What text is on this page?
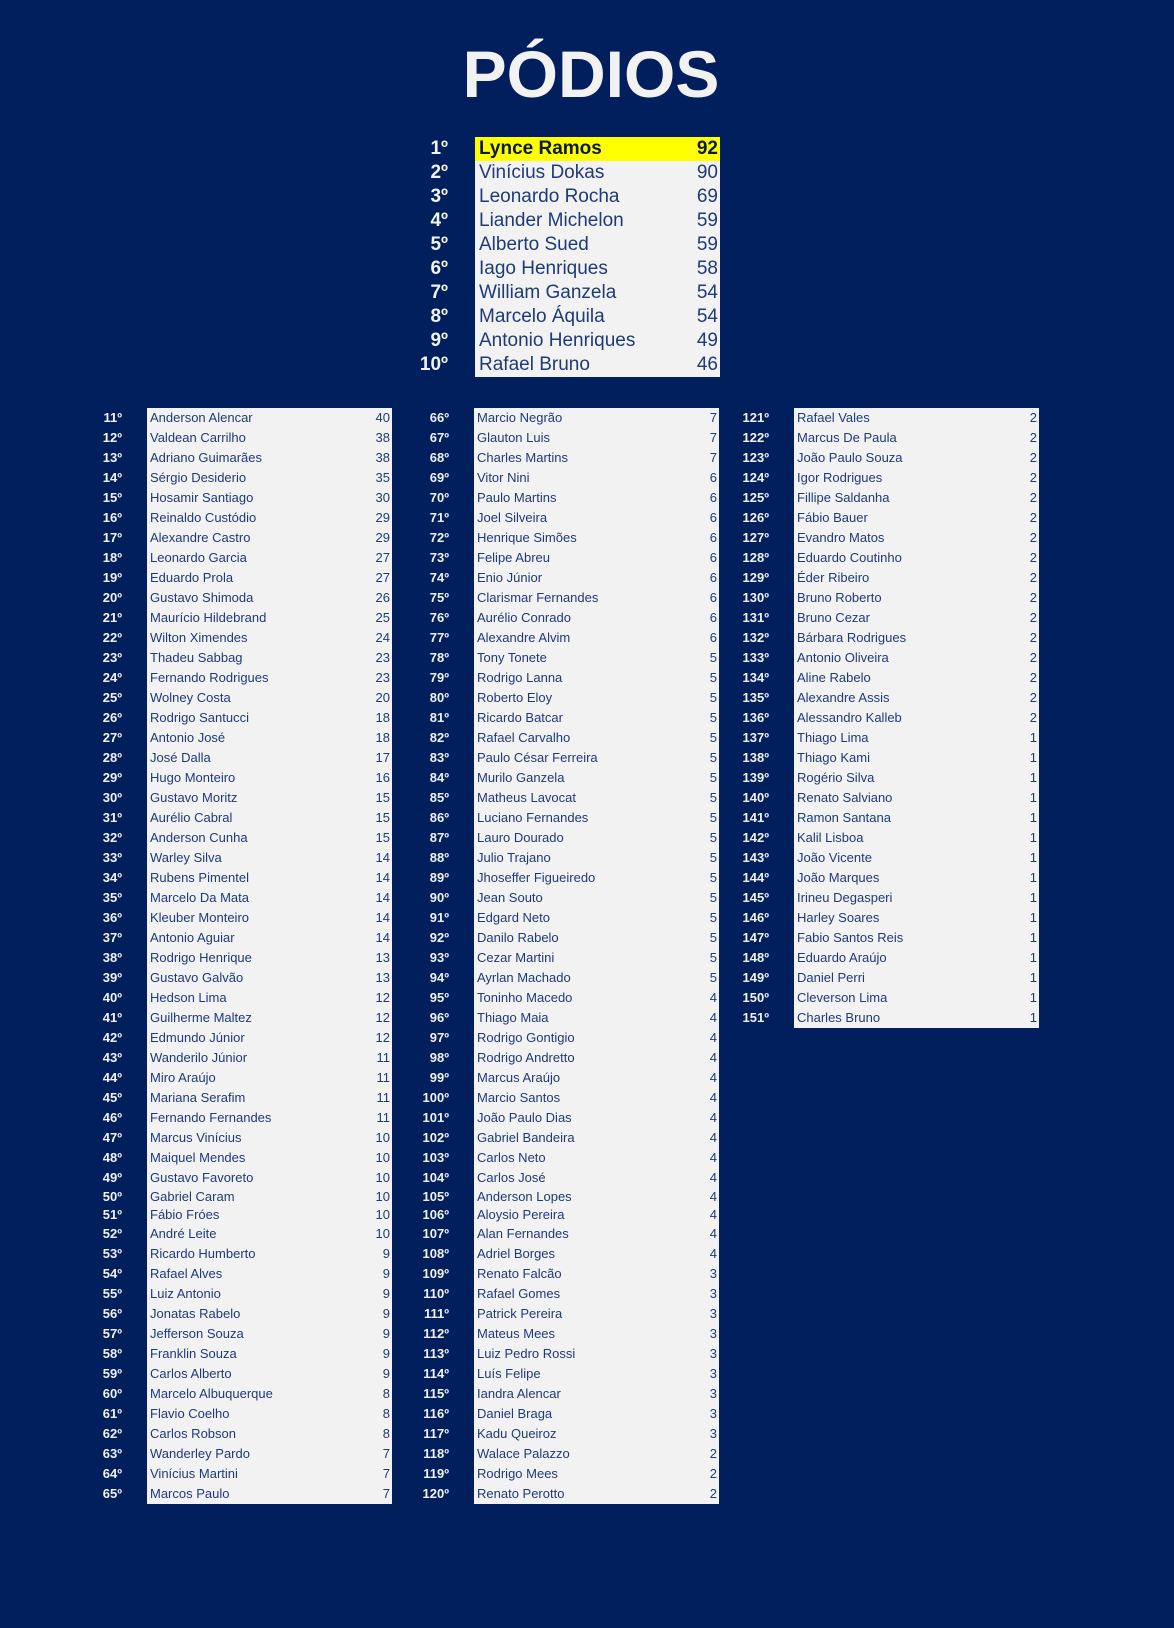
PÓDIOS
1º Lynce Ramos	92
2º Vinícius Dokas	90
3º Leonardo Rocha	69
4º Liander Michelon	59
5º Alberto Sued	59
6º Iago Henriques	58
7º William Ganzela	54
8º Marcelo Áquila	54
9º Antonio Henriques	49
10º Rafael Bruno	46
11º Anderson Alencar	40
12º Valdean Carrilho	38
13º Adriano Guimarães	38
14º Sérgio Desiderio	35
15º Hosamir Santiago	30
16º Reinaldo Custódio	29
17º Alexandre Castro	29
18º Leonardo Garcia	27
19º Eduardo Prola	27
20º Gustavo Shimoda	26
21º Maurício Hildebrand	25
22º Wilton Ximendes	24
23º Thadeu Sabbag	23
24º Fernando Rodrigues	23
25º Wolney Costa	20
26º Rodrigo Santucci	18
27º Antonio José	18
28º José Dalla	17
29º Hugo Monteiro	16
30º Gustavo Moritz	15
31º Aurélio Cabral	15
32º Anderson Cunha	15
33º Warley Silva	14
34º Rubens Pimentel	14
35º Marcelo Da Mata	14
36º Kleuber Monteiro	14
37º Antonio Aguiar	14
38º Rodrigo Henrique	13
39º Gustavo Galvão	13
40º Hedson Lima	12
41º Guilherme Maltez	12
42º Edmundo Júnior	12
43º Wanderilo Júnior	11
44º Miro Araújo	11
45º Mariana Serafim	11
46º Fernando Fernandes	11
47º Marcus Vinícius	10
48º Maiquel Mendes	10
49º Gustavo Favoreto	10
50º Gabriel Caram	10
51º Fábio Fróes	10
52º André Leite	10
53º Ricardo Humberto	9
54º Rafael Alves	9
55º Luiz Antonio	9
56º Jonatas Rabelo	9
57º Jefferson Souza	9
58º Franklin Souza	9
59º Carlos Alberto	9
60º Marcelo Albuquerque	8
61º Flavio Coelho	8
62º Carlos Robson	8
63º Wanderley Pardo	7
64º Vinícius Martini	7
65º Marcos Paulo	7
66º Marcio Negrão	7
67º Glauton Luis	7
68º Charles Martins	7
69º Vitor Nini	6
70º Paulo Martins	6
71º Joel Silveira	6
72º Henrique Simões	6
73º Felipe Abreu	6
74º Enio Júnior	6
75º Clarismar Fernandes	6
76º Aurélio Conrado	6
77º Alexandre Alvim	6
78º Tony Tonete	5
79º Rodrigo Lanna	5
80º Roberto Eloy	5
81º Ricardo Batcar	5
82º Rafael Carvalho	5
83º Paulo César Ferreira	5
84º Murilo Ganzela	5
85º Matheus Lavocat	5
86º Luciano Fernandes	5
87º Lauro Dourado	5
88º Julio Trajano	5
89º Jhoseffer Figueiredo	5
90º Jean Souto	5
91º Edgard Neto	5
92º Danilo Rabelo	5
93º Cezar Martini	5
94º Ayrlan Machado	5
95º Toninho Macedo	4
96º Thiago Maia	4
97º Rodrigo Gontigio	4
98º Rodrigo Andretto	4
99º Marcus Araújo	4
100º Marcio Santos	4
101º João Paulo Dias	4
102º Gabriel Bandeira	4
103º Carlos Neto	4
104º Carlos José	4
105º Anderson Lopes	4
106º Aloysio Pereira	4
107º Alan Fernandes	4
108º Adriel Borges	4
109º Renato Falcão	3
110º Rafael Gomes	3
111º Patrick Pereira	3
112º Mateus Mees	3
113º Luiz Pedro Rossi	3
114º Luís Felipe	3
115º Iandra Alencar	3
116º Daniel Braga	3
117º Kadu Queiroz	3
118º Walace Palazzo	2
119º Rodrigo Mees	2
120º Renato Perotto	2
121º Rafael Vales	2
122º Marcus De Paula	2
123º João Paulo Souza	2
124º Igor Rodrigues	2
125º Fillipe Saldanha	2
126º Fábio Bauer	2
127º Evandro Matos	2
128º Eduardo Coutinho	2
129º Éder Ribeiro	2
130º Bruno Roberto	2
131º Bruno Cezar	2
132º Bárbara Rodrigues	2
133º Antonio Oliveira	2
134º Aline Rabelo	2
135º Alexandre Assis	2
136º Alessandro Kalleb	2
137º Thiago Lima	1
138º Thiago Kami	1
139º Rogério Silva	1
140º Renato Salviano	1
141º Ramon Santana	1
142º Kalil Lisboa	1
143º João Vicente	1
144º João Marques	1
145º Irineu Degasperi	1
146º Harley Soares	1
147º Fabio Santos Reis	1
148º Eduardo Araújo	1
149º Daniel Perri	1
150º Cleverson Lima	1
151º Charles Bruno	1
